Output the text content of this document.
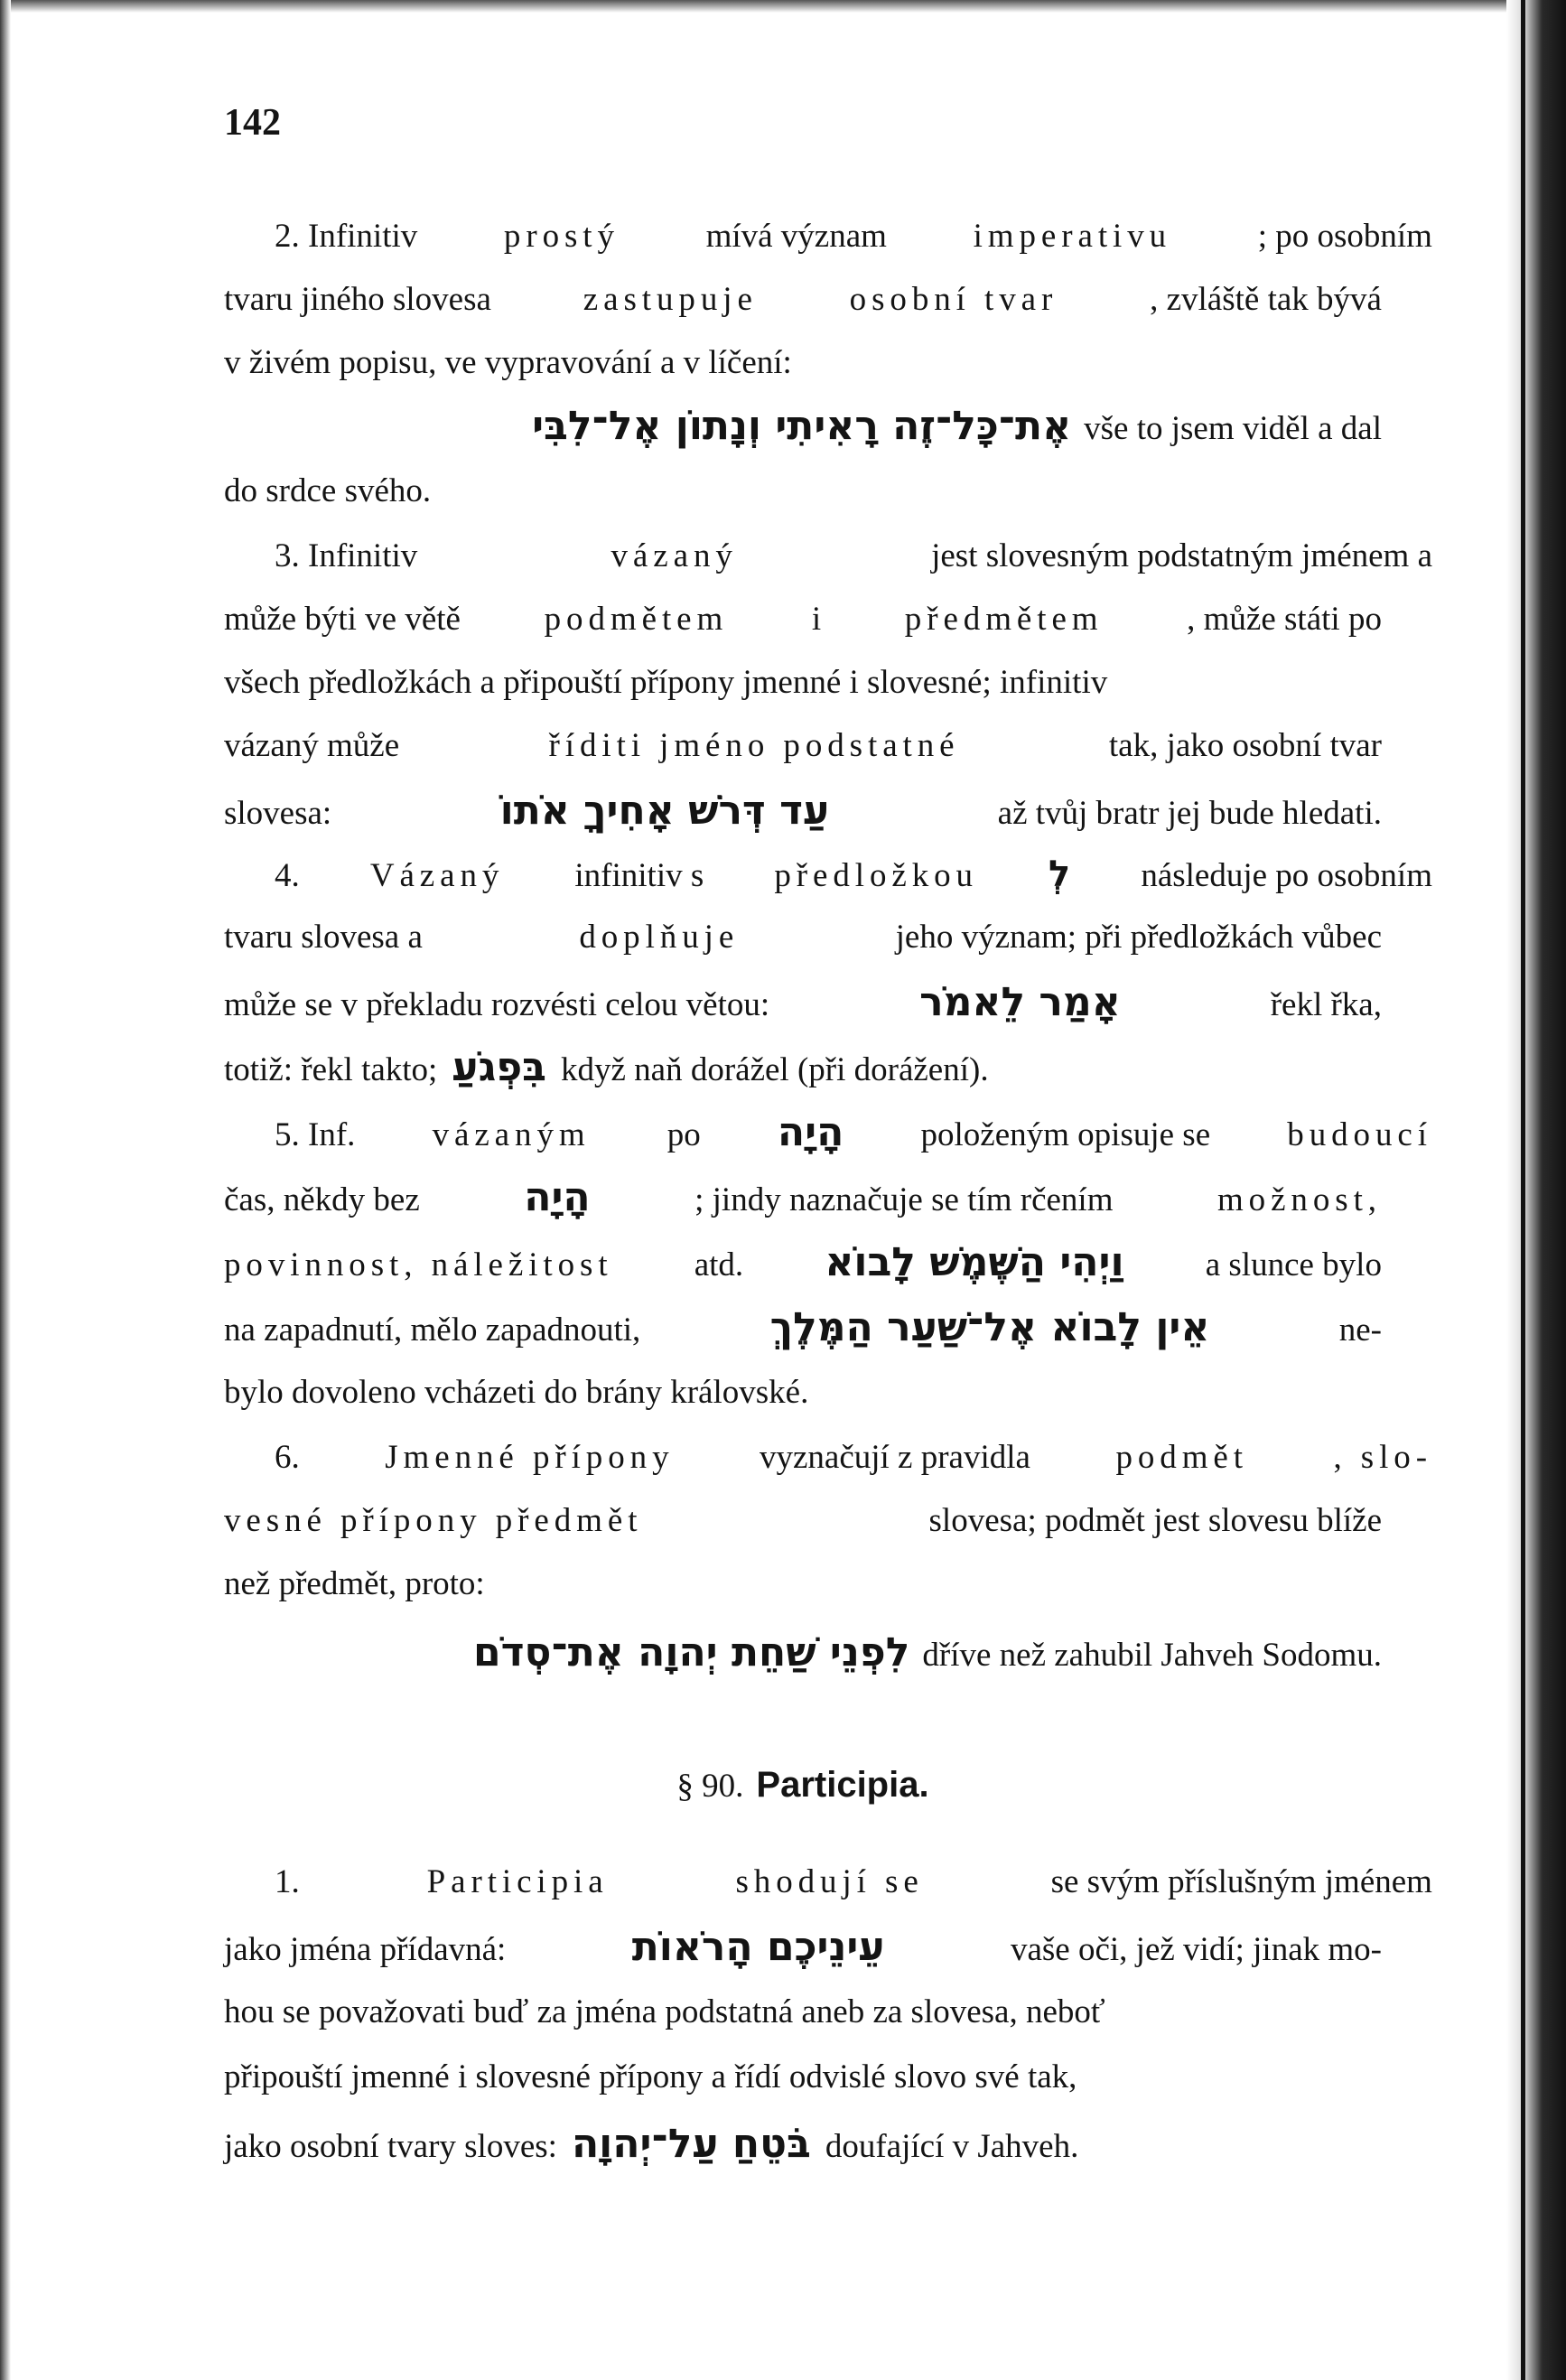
142
2. Infinitiv	prostý	mívá význam	imperativu	; po osobním
tvaru jiného slovesa	zastupuje	osobní tvar	, zvláště tak bývá
v živém popisu, ve vypravování a v líčení:
אֶת־כָּל־זֶה רָאִיתִי וְנָתוֹן אֶל־לִבִּי vše to jsem viděl a dal
do srdce svého.
3. Infinitiv	vázaný	jest slovesným podstatným jménem a
může býti ve větě	podmětem	i	předmětem	, může státi po
všech předložkách a připouští přípony jmenné i slovesné; infinitiv
vázaný může	říditi jméno podstatné	tak, jako osobní tvar
slovesa:	עַד דְּרֹשׁ אָחִיךָ אֹתוֹ	až tvůj bratr jej bude hledati.
4. Vázaný infinitiv s předložkou לְ následuje po osobním
tvaru slovesa a	doplňuje	jeho význam; při předložkách vůbec
může se v překladu rozvésti celou větou:	אָמַר לֵאמֹר	řekl řka,
totiž: řekl takto; בִּפְגֹעַ když naň dorážel (při dorážení).
5. Inf. vázaným po הָיָה položeným opisuje se budoucí
čas, někdy bez	הָיָה	; jindy naznačuje se tím rčením	možnost,
povinnost, náležitost atd. וַיְהִי הַשֶּׁמֶשׁ לָבוֹא a slunce bylo
na zapadnutí, mělo zapadnouti,	אֵין לָבוֹא אֶל־שַׁעַר הַמֶּלֶךְ	ne-
bylo dovoleno vcházeti do brány královské.
6.	Jmenné přípony	vyznačují z pravidla	podmět	, slo-
vesné přípony předmět	slovesa; podmět jest slovesu blíže
než předmět, proto:
לִפְנֵי שַׁחֵת יְהוָה אֶת־סְדֹם dříve než zahubil Jahveh Sodomu.
§ 90. Participia.
1.	Participia	shodují se	se svým příslušným jménem
jako jména přídavná:	עֵינֵיכֶם הָרֹאוֹת	vaše oči, jež vidí; jinak mo-
hou se považovati buď za jména podstatná aneb za slovesa, neboť
připouští jmenné i slovesné přípony a řídí odvislé slovo své tak,
jako osobní tvary sloves: בֹּטֵחַ עַל־יְהוָה doufající v Jahveh.
